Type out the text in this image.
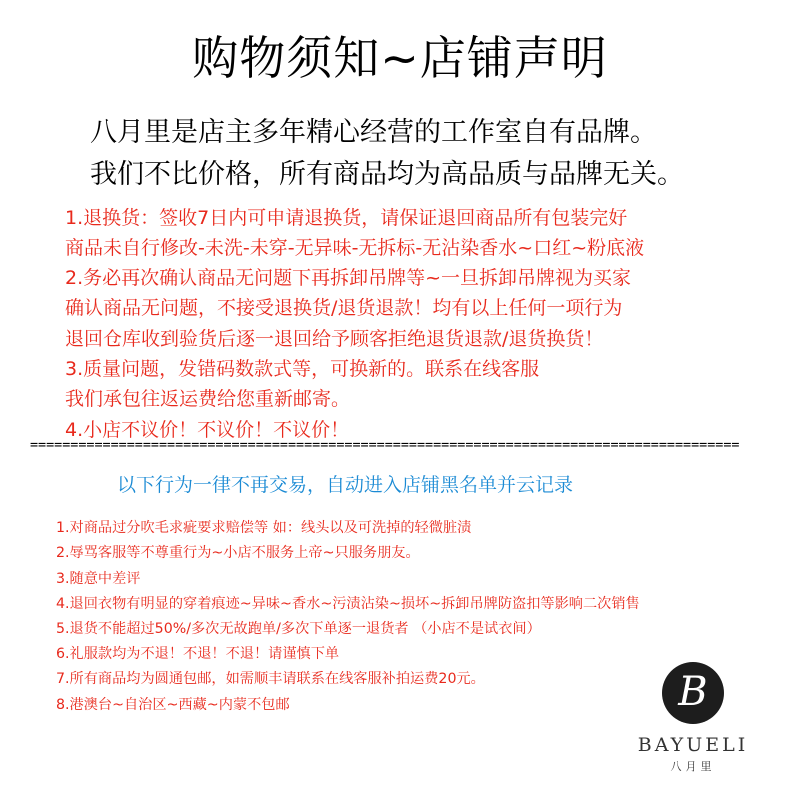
购物须知~店铺声明
八月里是店主多年精心经营的工作室自有品牌。
我们不比价格，所有商品均为高品质与品牌无关。
1.退换货：签收7日内可申请退换货，请保证退回商品所有包装完好
商品未自行修改-未洗-未穿-无异味-无拆标-无沾染香水~口红~粉底液
2.务必再次确认商品无问题下再拆卸吊牌等~一旦拆卸吊牌视为买家
确认商品无问题，不接受退换货/退货退款！均有以上任何一项行为
退回仓库收到验货后逐一退回给予顾客拒绝退货退款/退货换货！
3.质量问题，发错码数款式等，可换新的。联系在线客服
我们承包往返运费给您重新邮寄。
4.小店不议价！不议价！不议价！
========================================================================================
以下行为一律不再交易，自动进入店铺黑名单并云记录
1.对商品过分吹毛求疵要求赔偿等 如：线头以及可洗掉的轻微脏渍
2.辱骂客服等不尊重行为~小店不服务上帝~只服务朋友。
3.随意中差评
4.退回衣物有明显的穿着痕迹~异味~香水~污渍沾染~损坏~拆卸吊牌防盗扣等影响二次销售
5.退货不能超过50%/多次无故跑单/多次下单逐一退货者 （小店不是试衣间）
6.礼服款均为不退！不退！不退！请谨慎下单
7.所有商品均为圆通包邮，如需顺丰请联系在线客服补拍运费20元。
8.港澳台~自治区~西藏~内蒙不包邮	B
BAYUELI
八月里
